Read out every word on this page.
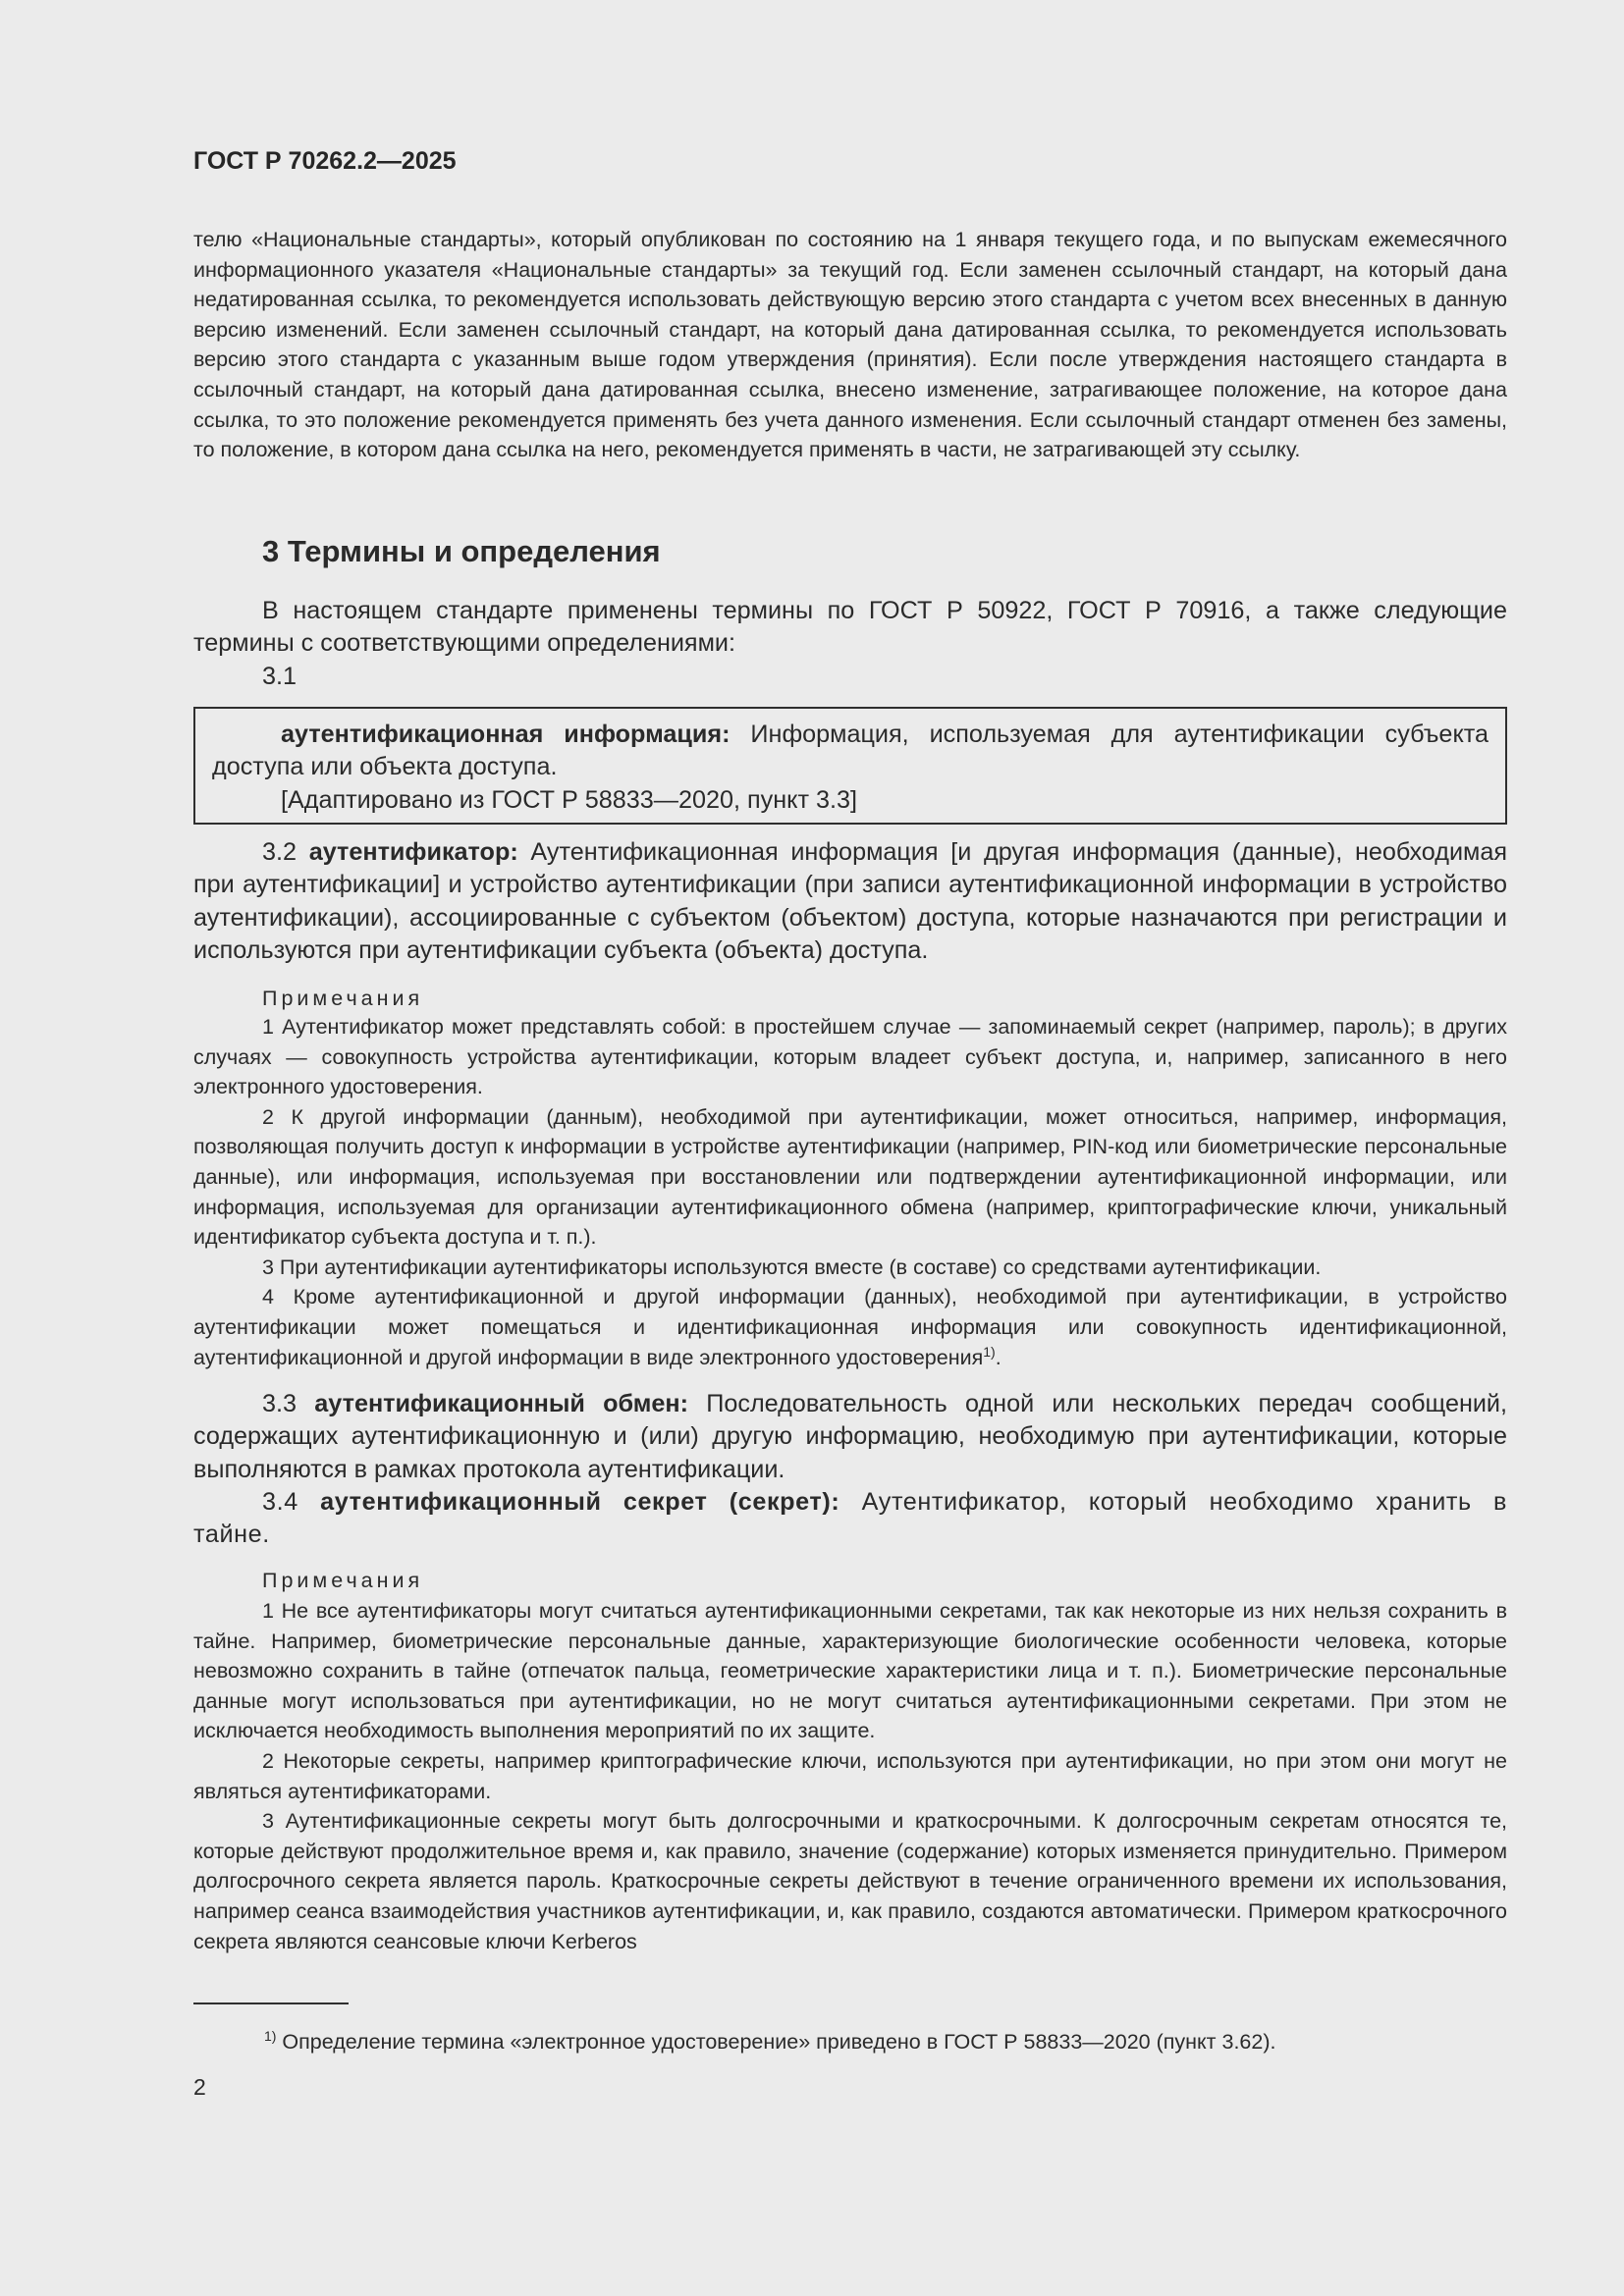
ГОСТ Р 70262.2—2025

телю «Национальные стандарты», который опубликован по состоянию на 1 января текущего года, и по выпускам ежемесячного информационного указателя «Национальные стандарты» за текущий год. Если заменен ссылочный стандарт, на который дана недатированная ссылка, то рекомендуется использовать действующую версию этого стандарта с учетом всех внесенных в данную версию изменений. Если заменен ссылочный стандарт, на который дана датированная ссылка, то рекомендуется использовать версию этого стандарта с указанным выше годом утверждения (принятия). Если после утверждения настоящего стандарта в ссылочный стандарт, на который дана датированная ссылка, внесено изменение, затрагивающее положение, на которое дана ссылка, то это положение рекомендуется применять без учета данного изменения. Если ссылочный стандарт отменен без замены, то положение, в котором дана ссылка на него, рекомендуется применять в части, не затрагивающей эту ссылку.

3 Термины и определения

В настоящем стандарте применены термины по ГОСТ Р 50922, ГОСТ Р 70916, а также следующие термины с соответствующими определениями:

3.1

аутентификационная информация: Информация, используемая для аутентификации субъекта доступа или объекта доступа.

[Адаптировано из ГОСТ Р 58833—2020, пункт 3.3]

3.2 аутентификатор: Аутентификационная информация [и другая информация (данные), необходимая при аутентификации] и устройство аутентификации (при записи аутентификационной информации в устройство аутентификации), ассоциированные с субъектом (объектом) доступа, которые назначаются при регистрации и используются при аутентификации субъекта (объекта) доступа.

Примечания

1 Аутентификатор может представлять собой: в простейшем случае — запоминаемый секрет (например, пароль); в других случаях — совокупность устройства аутентификации, которым владеет субъект доступа, и, например, записанного в него электронного удостоверения.

2 К другой информации (данным), необходимой при аутентификации, может относиться, например, информация, позволяющая получить доступ к информации в устройстве аутентификации (например, PIN-код или биометрические персональные данные), или информация, используемая при восстановлении или подтверждении аутентификационной информации, или информация, используемая для организации аутентификационного обмена (например, криптографические ключи, уникальный идентификатор субъекта доступа и т. п.).

3 При аутентификации аутентификаторы используются вместе (в составе) со средствами аутентификации.

4 Кроме аутентификационной и другой информации (данных), необходимой при аутентификации, в устройство аутентификации может помещаться и идентификационная информация или совокупность идентификационной, аутентификационной и другой информации в виде электронного удостоверения$^{1)}$.

3.3 аутентификационный обмен: Последовательность одной или нескольких передач сообщений, содержащих аутентификационную и (или) другую информацию, необходимую при аутентификации, которые выполняются в рамках протокола аутентификации.

3.4 аутентификационный секрет (секрет): Аутентификатор, который необходимо хранить в тайне.

Примечания

1 Не все аутентификаторы могут считаться аутентификационными секретами, так как некоторые из них нельзя сохранить в тайне. Например, биометрические персональные данные, характеризующие биологические особенности человека, которые невозможно сохранить в тайне (отпечаток пальца, геометрические характеристики лица и т. п.). Биометрические персональные данные могут использоваться при аутентификации, но не могут считаться аутентификационными секретами. При этом не исключается необходимость выполнения мероприятий по их защите.

2 Некоторые секреты, например криптографические ключи, используются при аутентификации, но при этом они могут не являться аутентификаторами.

3 Аутентификационные секреты могут быть долгосрочными и краткосрочными. К долгосрочным секретам относятся те, которые действуют продолжительное время и, как правило, значение (содержание) которых изменяется принудительно. Примером долгосрочного секрета является пароль. Краткосрочные секреты действуют в течение ограниченного времени их использования, например сеанса взаимодействия участников аутентификации, и, как правило, создаются автоматически. Примером краткосрочного секрета являются сеансовые ключи Kerberos

$^{1)}$ Определение термина «электронное удостоверение» приведено в ГОСТ Р 58833—2020 (пункт 3.62).

2
